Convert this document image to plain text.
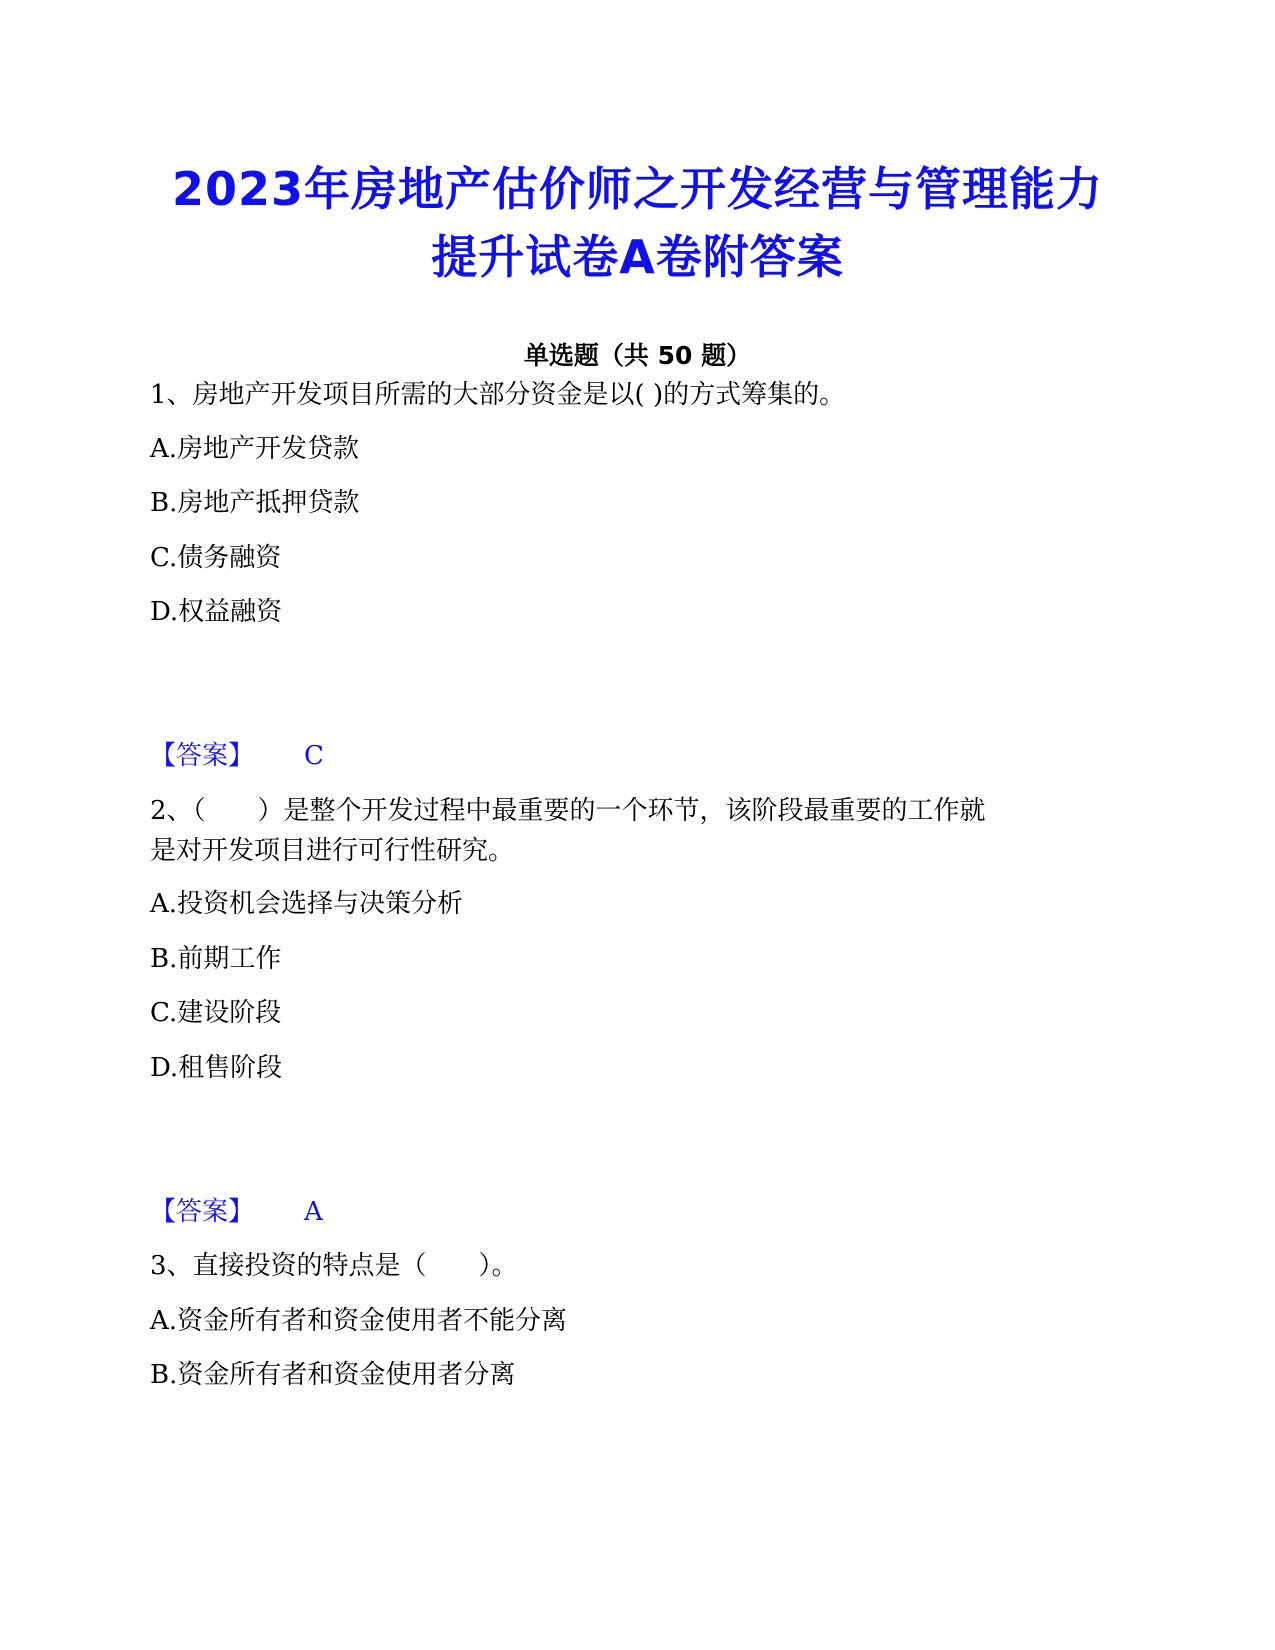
2023年房地产估价师之开发经营与管理能力
提升试卷A卷附答案
单选题（共 50 题）
1、房地产开发项目所需的大部分资金是以( )的方式筹集的。
A.房地产开发贷款
B.房地产抵押贷款
C.债务融资
D.权益融资
【答案】 C
2、（　　）是整个开发过程中最重要的一个环节，该阶段最重要的工作就
是对开发项目进行可行性研究。
A.投资机会选择与决策分析
B.前期工作
C.建设阶段
D.租售阶段
【答案】 A
3、直接投资的特点是（　　）。
A.资金所有者和资金使用者不能分离
B.资金所有者和资金使用者分离
